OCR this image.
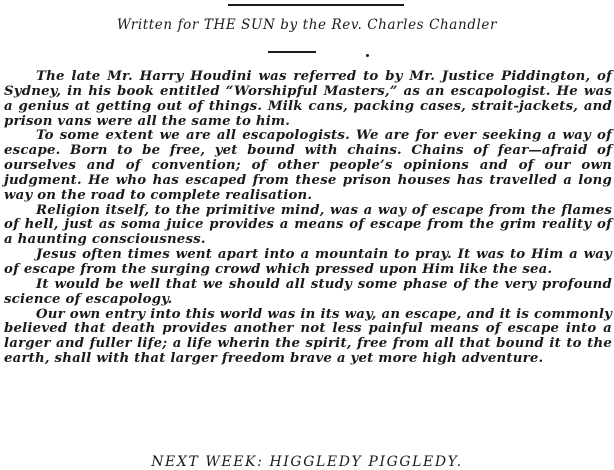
Written for THE SUN by the Rev. Charles Chandler

The late Mr. Harry Houdini was referred to by Mr. Justice Piddington, of Sydney, in his book entitled “Worshipful Masters,” as an escapologist. He was a genius at getting out of things. Milk cans, packing cases, strait-jackets, and prison vans were all the same to him.

To some extent we are all escapologists. We are for ever seeking a way of escape. Born to be free, yet bound with chains. Chains of fear—afraid of ourselves and of convention; of other people’s opinions and of our own judgment. He who has escaped from these prison houses has travelled a long way on the road to complete realisation.

Religion itself, to the primitive mind, was a way of escape from the flames of hell, just as soma juice provides a means of escape from the grim reality of a haunting consciousness.

Jesus often times went apart into a mountain to pray. It was to Him a way of escape from the surging crowd which pressed upon Him like the sea.

It would be well that we should all study some phase of the very profound science of escapology.

Our own entry into this world was in its way, an escape, and it is commonly believed that death provides another not less painful means of escape into a larger and fuller life; a life wherin the spirit, free from all that bound it to the earth, shall with that larger freedom brave a yet more high adventure.

NEXT WEEK: HIGGLEDY PIGGLEDY.
